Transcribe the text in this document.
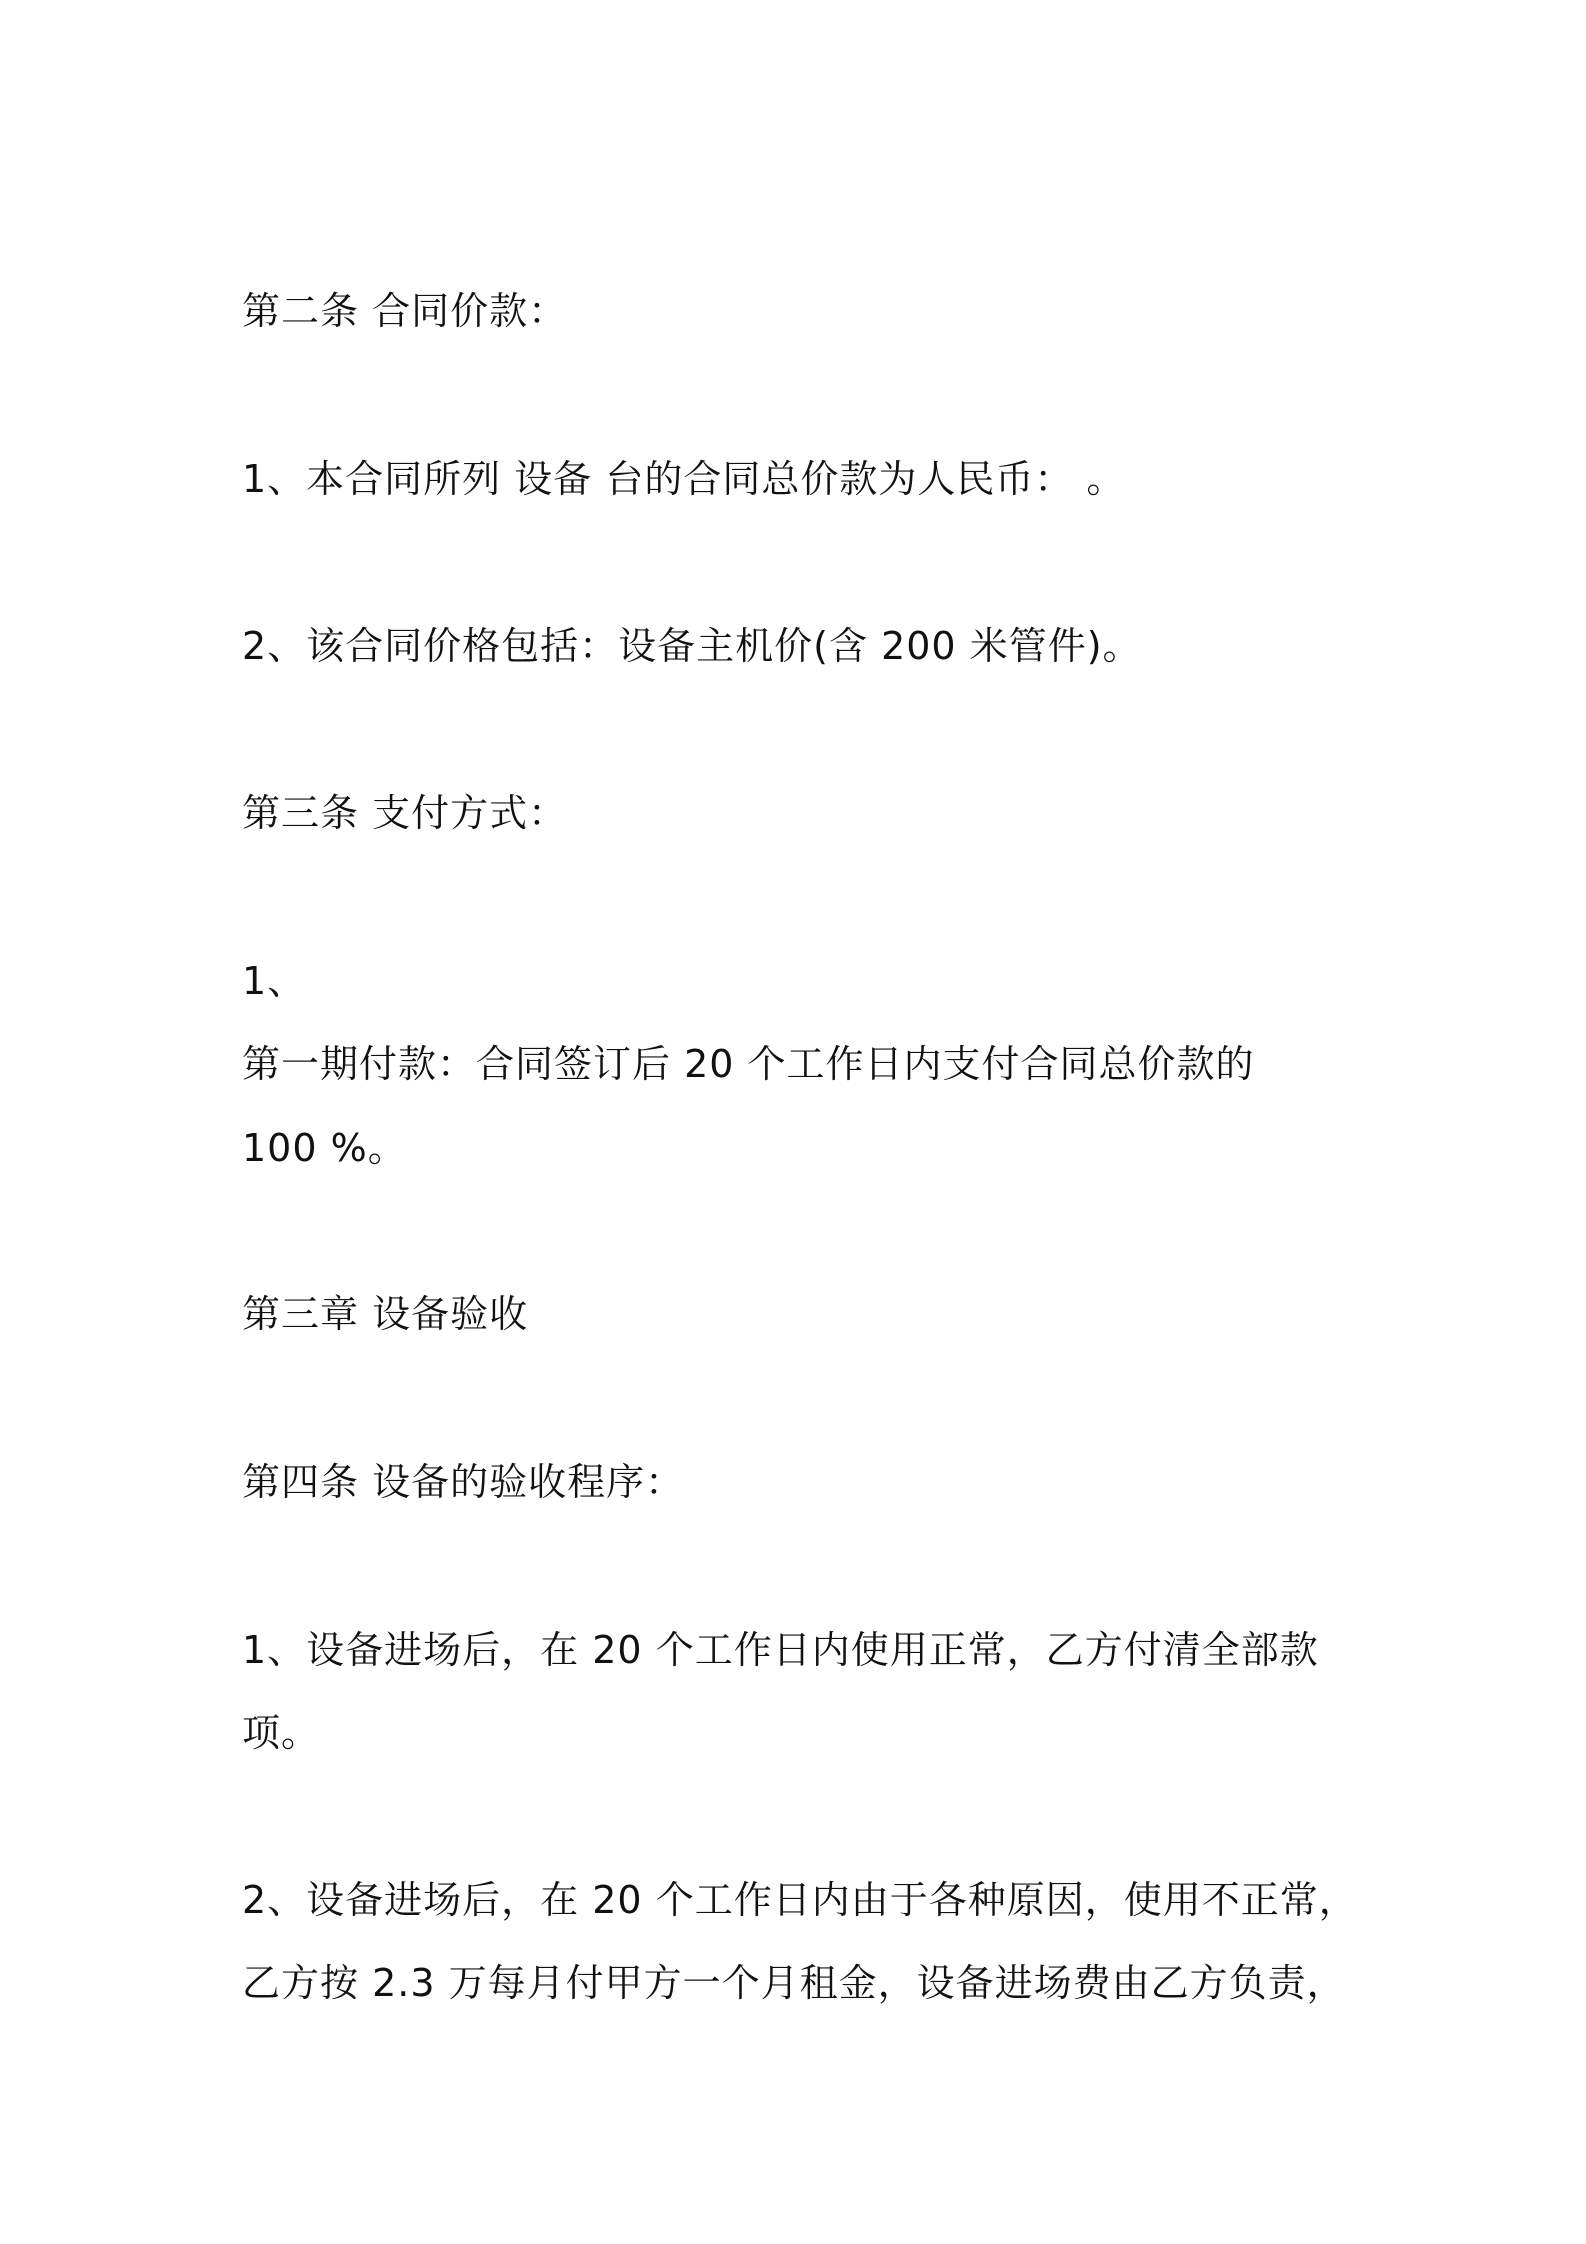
第二条 合同价款：

1、本合同所列 设备 台的合同总价款为人民币： 。

2、该合同价格包括：设备主机价(含 200 米管件)。

第三条 支付方式：

1、

第一期付款：合同签订后 20 个工作日内支付合同总价款的

100 %。

第三章 设备验收

第四条 设备的验收程序：

1、设备进场后，在 20 个工作日内使用正常，乙方付清全部款

项。

2、设备进场后，在 20 个工作日内由于各种原因，使用不正常，

乙方按 2.3 万每月付甲方一个月租金，设备进场费由乙方负责，
